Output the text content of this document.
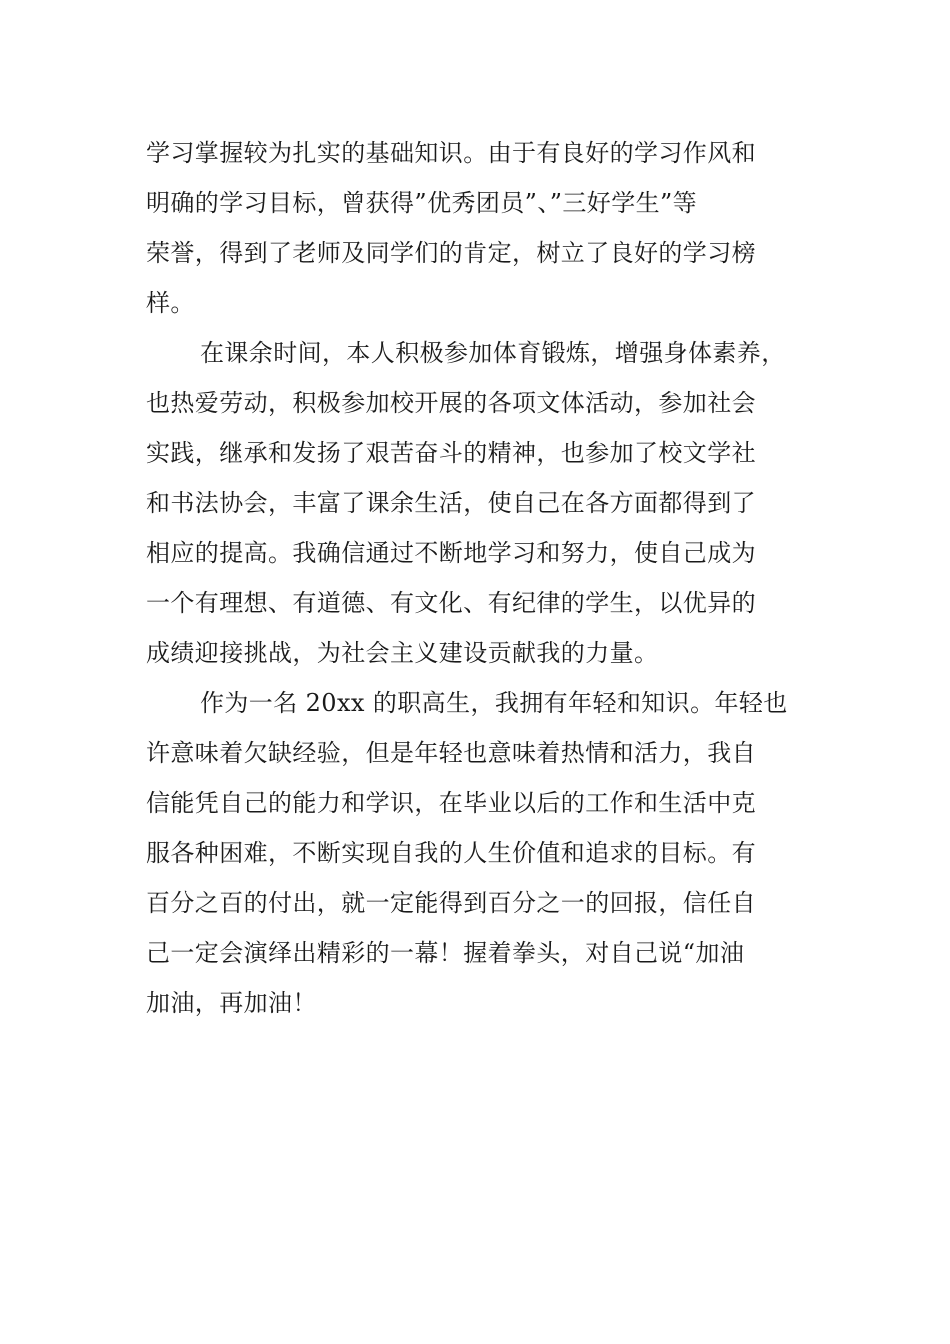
学习掌握较为扎实的基础知识。由于有良好的学习作风和
明确的学习目标，曾获得”优秀团员”、”三好学生”等
荣誉，得到了老师及同学们的肯定，树立了良好的学习榜
样。
在课余时间，本人积极参加体育锻炼，增强身体素养，
也热爱劳动，积极参加校开展的各项文体活动，参加社会
实践，继承和发扬了艰苦奋斗的精神，也参加了校文学社
和书法协会，丰富了课余生活，使自己在各方面都得到了
相应的提高。我确信通过不断地学习和努力，使自己成为
一个有理想、有道德、有文化、有纪律的学生，以优异的
成绩迎接挑战，为社会主义建设贡献我的力量。
作为一名 20xx 的职高生，我拥有年轻和知识。年轻也
许意味着欠缺经验，但是年轻也意味着热情和活力，我自
信能凭自己的能力和学识，在毕业以后的工作和生活中克
服各种困难，不断实现自我的人生价值和追求的目标。有
百分之百的付出，就一定能得到百分之一的回报，信任自
己一定会演绎出精彩的一幕！握着拳头，对自己说“加油
加油，再加油！
